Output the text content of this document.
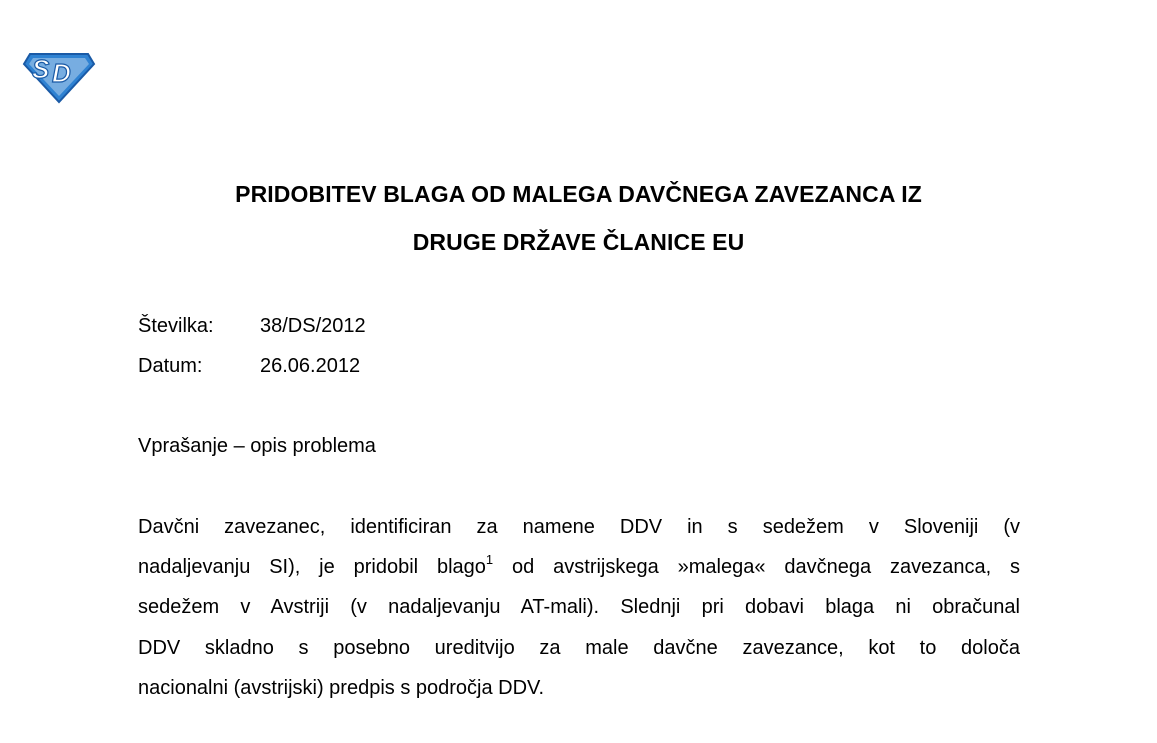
S D
PRIDOBITEV BLAGA OD MALEGA DAVČNEGA ZAVEZANCA IZ
DRUGE DRŽAVE ČLANICE EU
Številka: 38/DS/2012
Datum:	26.06.2012
Vprašanje – opis problema
Davčni zavezanec, identificiran za namene DDV in s sedežem v Sloveniji (v
nadaljevanju SI), je pridobil blago$^1$ od avstrijskega »malega« davčnega zavezanca, s
sedežem v Avstriji (v nadaljevanju AT-mali). Slednji pri dobavi blaga ni obračunal
DDV skladno s posebno ureditvijo za male davčne zavezance, kot to določa
nacionalni (avstrijski) predpis s področja DDV.
